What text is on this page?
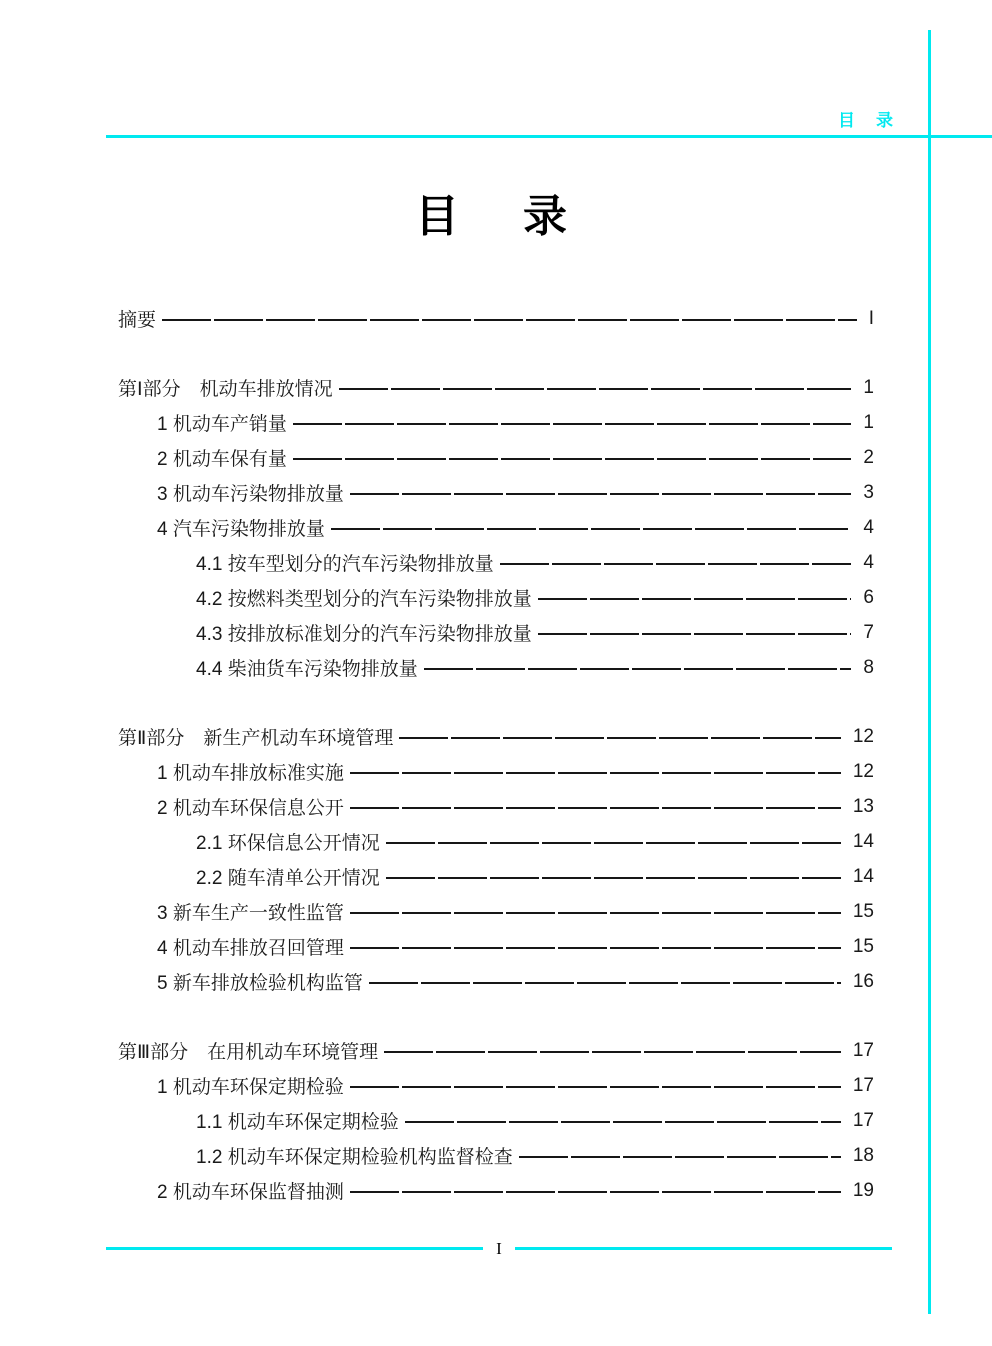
目　录
目　录
摘要	I
第Ⅰ部分　机动车排放情况	1
1 机动车产销量	1
2 机动车保有量	2
3 机动车污染物排放量	3
4 汽车污染物排放量	4
4.1 按车型划分的汽车污染物排放量	4
4.2 按燃料类型划分的汽车污染物排放量	6
4.3 按排放标准划分的汽车污染物排放量	7
4.4 柴油货车污染物排放量	8
第Ⅱ部分　新生产机动车环境管理	12
1 机动车排放标准实施	12
2 机动车环保信息公开	13
2.1 环保信息公开情况	14
2.2 随车清单公开情况	14
3 新车生产一致性监管	15
4 机动车排放召回管理	15
5 新车排放检验机构监管	16
第Ⅲ部分　在用机动车环境管理	17
1 机动车环保定期检验	17
1.1 机动车环保定期检验	17
1.2 机动车环保定期检验机构监督检查	18
2 机动车环保监督抽测	19
I
